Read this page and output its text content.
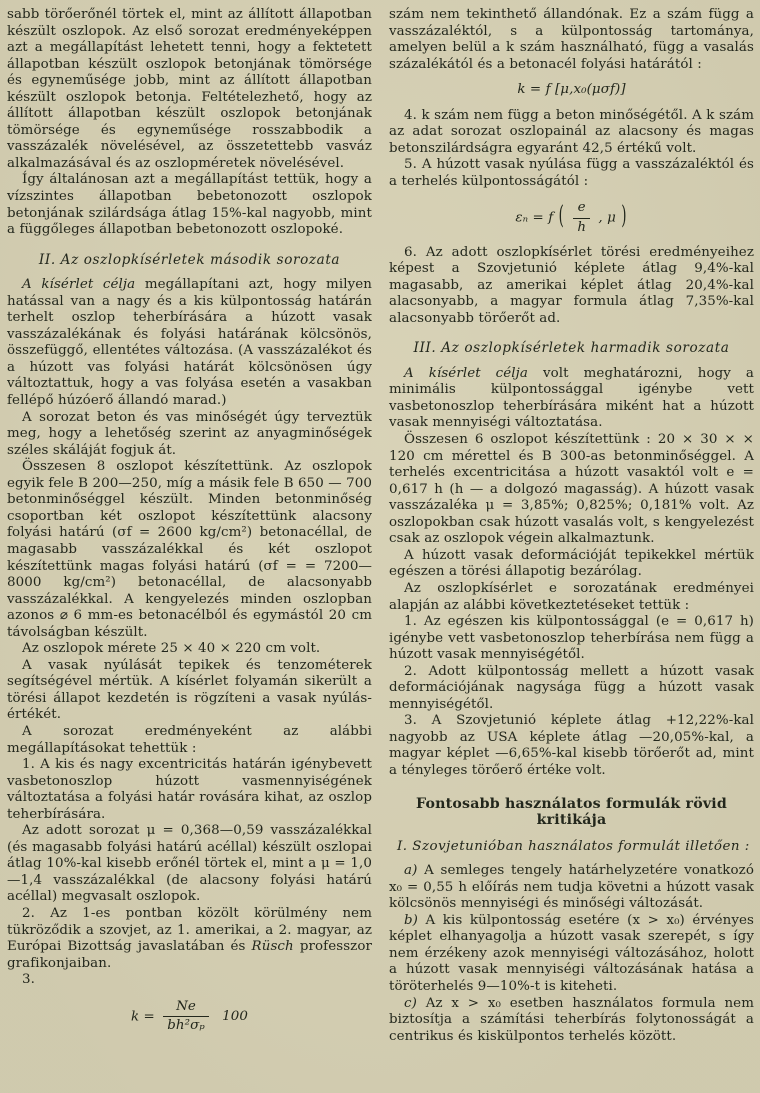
sabb törőerőnél törtek el, mint az állított állapotban készült oszlopok. Az első sorozat eredményeképpen azt a megállapítást lehetett tenni, hogy a fektetett állapotban készült oszlopok betonjának tömörsége és egyneműsége jobb, mint az állított állapotban készült oszlopok betonja. Feltételezhető, hogy az állított állapotban készült oszlopok betonjának tömörsége és egyneműsége rosszabbodik a vasszázalék növelésével, az összetettebb vasváz alkalmazásával és az oszlopméretek növelésével.

Így általánosan azt a megállapítást tettük, hogy a vízszintes állapotban bebetonozott oszlopok betonjának szilárdsága átlag 15%-kal nagyobb, mint a függőleges állapotban bebetonozott oszlopoké.

II. Az oszlopkísérletek második sorozata

A kísérlet célja megállapítani azt, hogy milyen hatással van a nagy és a kis külpontosság határán terhelt oszlop teherbírására a húzott vasak vasszázalékának és folyási határának kölcsönös, összefüggő, ellentétes változása. (A vasszázalékot és a húzott vas folyási határát kölcsönösen úgy változtattuk, hogy a vas folyása esetén a vasakban fellépő húzóerő állandó marad.)

A sorozat beton és vas minőségét úgy terveztük meg, hogy a lehetőség szerint az anyagminőségek széles skáláját fogjuk át.

Összesen 8 oszlopot készítettünk. Az oszlopok egyik fele B 200—250, míg a másik fele B 650 — 700 betonminőséggel készült. Minden betonminőség csoportban két oszlopot készítettünk alacsony folyási határú (σf = 2600 kg/cm²) betonacéllal, de magasabb vasszázalékkal és két oszlopot készítettünk magas folyási határú (σf = = 7200—8000 kg/cm²) betonacéllal, de alacsonyabb vasszázalékkal. A kengyelezés minden oszlopban azonos ⌀ 6 mm-es betonacélból és egymástól 20 cm távolságban készült.

Az oszlopok mérete 25 × 40 × 220 cm volt.

A vasak nyúlását tepikek és tenzométerek segítségével mértük. A kísérlet folyamán sikerült a törési állapot kezdetén is rögzíteni a vasak nyúlás-értékét.

A sorozat eredményeként az alábbi megállapításokat tehettük :

1. A kis és nagy excentricitás határán igénybevett vasbetonoszlop húzott vasmennyiségének változtatása a folyási határ rovására kihat, az oszlop teherbírására.

Az adott sorozat μ = 0,368—0,59 vasszázalékkal (és magasabb folyási határú acéllal) készült oszlopai átlag 10%-kal kisebb erőnél törtek el, mint a μ = 1,0—1,4 vasszázalékkal (de alacsony folyási határú acéllal) megvasalt oszlopok.

2. Az 1-es pontban közölt körülmény nem tükröződik a szovjet, az 1. amerikai, a 2. magyar, az Európai Bizottság javaslatában és Rüsch professzor grafikonjaiban.

3.

$k = \frac{Ne}{\text{bh²σₚ}} 100$

szám nem tekinthető állandónak. Ez a szám függ a vasszázaléktól, s a külpontosság tartománya, amelyen belül a k szám használható, függ a vasalás százalékától és a betonacél folyási határától :

k = f [μ,x₀(μσf)]

4. k szám nem függ a beton minőségétől. A k szám az adat sorozat oszlopainál az alacsony és magas betonszilárdságra egyaránt 42,5 értékű volt.

5. A húzott vasak nyúlása függ a vasszázaléktól és a terhelés külpontosságától :

εₙ = f ( $\frac{e}{h}$ , μ )

6. Az adott oszlopkísérlet törési eredményeihez képest a Szovjetunió képlete átlag 9,4%-kal magasabb, az amerikai képlet átlag 20,4%-kal alacsonyabb, a magyar formula átlag 7,35%-kal alacsonyabb törőerőt ad.

III. Az oszlopkísérletek harmadik sorozata

A kísérlet célja volt meghatározni, hogy a minimális külpontossággal igénybe vett vasbetonoszlop teherbírására miként hat a húzott vasak mennyiségi változtatása.

Összesen 6 oszlopot készítettünk : 20 × 30 × × 120 cm mérettel és B 300-as betonminőséggel. A terhelés excentricitása a húzott vasaktól volt e = 0,617 h (h — a dolgozó magasság). A húzott vasak vasszázaléka μ = 3,85%; 0,825%; 0,181% volt. Az oszlopokban csak húzott vasalás volt, s kengyelezést csak az oszlopok végein alkalmaztunk.

A húzott vasak deformációját tepikekkel mértük egészen a törési állapotig bezárólag.

Az oszlopkísérlet e sorozatának eredményei alapján az alábbi következtetéseket tettük :

1. Az egészen kis külpontossággal (e = 0,617 h) igénybe vett vasbetonoszlop teherbírása nem függ a húzott vasak mennyiségétől.

2. Adott külpontosság mellett a húzott vasak deformációjának nagysága függ a húzott vasak mennyiségétől.

3. A Szovjetunió képlete átlag +12,22%-kal nagyobb az USA képlete átlag —20,05%-kal, a magyar képlet —6,65%-kal kisebb törőerőt ad, mint a tényleges törőerő értéke volt.

Fontosabb használatos formulák rövid kritikája

I. Szovjetunióban használatos formulát illetően :

a) A semleges tengely határhelyzetére vonatkozó x₀ = 0,55 h előírás nem tudja követni a húzott vasak kölcsönös mennyiségi és minőségi változását.

b) A kis külpontosság esetére (x > x₀) érvényes képlet elhanyagolja a húzott vasak szerepét, s így nem érzékeny azok mennyiségi változásához, holott a húzott vasak mennyiségi változásának hatása a töröterhelés 9—10%-t is kiteheti.

c) Az x > x₀ esetben használatos formula nem biztosítja a számítási teherbírás folytonosságát a centrikus és kiskülpontos terhelés között.
